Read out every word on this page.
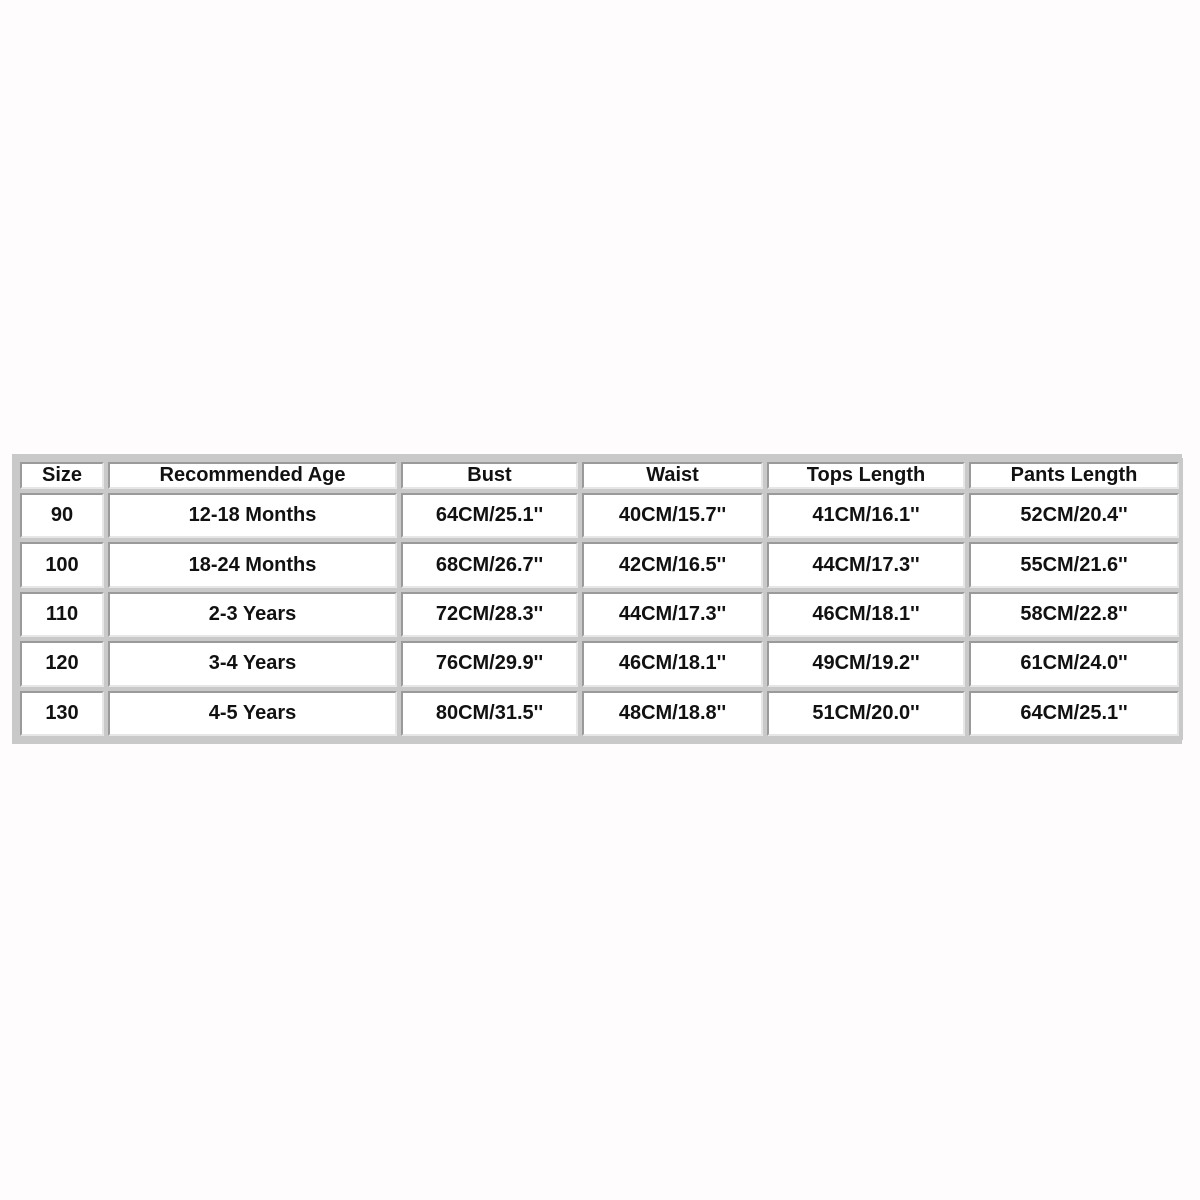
Size	Recommended Age	Bust	Waist	Tops Length	Pants Length
90	12-18 Months	64CM/25.1''	40CM/15.7''	41CM/16.1''	52CM/20.4''
100	18-24 Months	68CM/26.7''	42CM/16.5''	44CM/17.3''	55CM/21.6''
110	2-3 Years	72CM/28.3''	44CM/17.3''	46CM/18.1''	58CM/22.8''
120	3-4 Years	76CM/29.9''	46CM/18.1''	49CM/19.2''	61CM/24.0''
130	4-5 Years	80CM/31.5''	48CM/18.8''	51CM/20.0''	64CM/25.1''
